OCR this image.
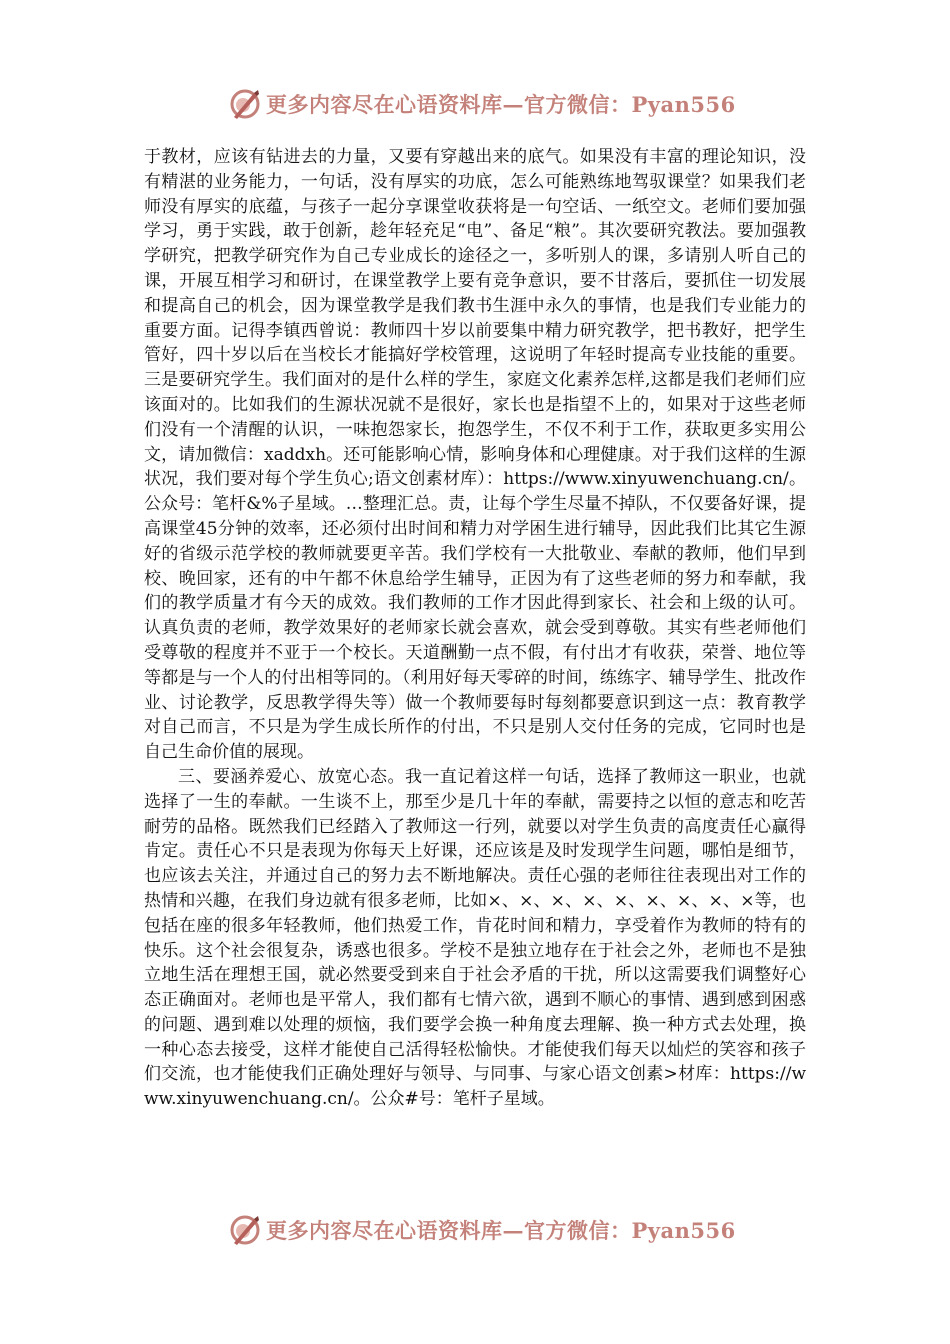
更多内容尽在心语资料库—官方微信：Pyan556

于教材，应该有钻进去的力量，又要有穿越出来的底气。如果没有丰富的理论知识，没有精湛的业务能力，一句话，没有厚实的功底，怎么可能熟练地驾驭课堂？如果我们老师没有厚实的底蕴，与孩子一起分享课堂收获将是一句空话、一纸空文。老师们要加强学习，勇于实践，敢于创新，趁年轻充足“电”、备足“粮”。其次要研究教法。要加强教学研究，把教学研究作为自己专业成长的途径之一，多听别人的课，多请别人听自己的课，开展互相学习和研讨，在课堂教学上要有竞争意识，要不甘落后，要抓住一切发展和提高自己的机会，因为课堂教学是我们教书生涯中永久的事情，也是我们专业能力的重要方面。记得李镇西曾说：教师四十岁以前要集中精力研究教学，把书教好，把学生管好，四十岁以后在当校长才能搞好学校管理，这说明了年轻时提高专业技能的重要。三是要研究学生。我们面对的是什么样的学生，家庭文化素养怎样,这都是我们老师们应该面对的。比如我们的生源状况就不是很好，家长也是指望不上的，如果对于这些老师们没有一个清醒的认识，一味抱怨家长，抱怨学生，不仅不利于工作，获取更多实用公文，请加微信：xaddxh。还可能影响心情，影响身体和心理健康。对于我们这样的生源状况，我们要对每个学生负心;语文创素材库）：https://www.xinyuwenchuang.cn/。公众号：笔杆&%子星域。…整理汇总。责，让每个学生尽量不掉队，不仅要备好课，提高课堂45分钟的效率，还必须付出时间和精力对学困生进行辅导，因此我们比其它生源好的省级示范学校的教师就要更辛苦。我们学校有一大批敬业、奉献的教师，他们早到校、晚回家，还有的中午都不休息给学生辅导，正因为有了这些老师的努力和奉献，我们的教学质量才有今天的成效。我们教师的工作才因此得到家长、社会和上级的认可。认真负责的老师，教学效果好的老师家长就会喜欢，就会受到尊敬。其实有些老师他们受尊敬的程度并不亚于一个校长。天道酬勤一点不假，有付出才有收获，荣誉、地位等等都是与一个人的付出相等同的。（利用好每天零碎的时间，练练字、辅导学生、批改作业、讨论教学，反思教学得失等）做一个教师要每时每刻都要意识到这一点：教育教学对自己而言，不只是为学生成长所作的付出，不只是别人交付任务的完成，它同时也是自己生命价值的展现。

三、要涵养爱心、放宽心态。我一直记着这样一句话，选择了教师这一职业，也就选择了一生的奉献。一生谈不上，那至少是几十年的奉献，需要持之以恒的意志和吃苦耐劳的品格。既然我们已经踏入了教师这一行列，就要以对学生负责的高度责任心赢得肯定。责任心不只是表现为你每天上好课，还应该是及时发现学生问题，哪怕是细节，也应该去关注，并通过自己的努力去不断地解决。责任心强的老师往往表现出对工作的热情和兴趣，在我们身边就有很多老师，比如×、×、×、×、×、×、×、×、×等，也包括在座的很多年轻教师，他们热爱工作，肯花时间和精力，享受着作为教师的特有的快乐。这个社会很复杂，诱惑也很多。学校不是独立地存在于社会之外，老师也不是独立地生活在理想王国，就必然要受到来自于社会矛盾的干扰，所以这需要我们调整好心态正确面对。老师也是平常人，我们都有七情六欲，遇到不顺心的事情、遇到感到困惑的问题、遇到难以处理的烦恼，我们要学会换一种角度去理解、换一种方式去处理，换一种心态去接受，这样才能使自己活得轻松愉快。才能使我们每天以灿烂的笑容和孩子们交流，也才能使我们正确处理好与领导、与同事、与家心语文创素>材库：https://www.xinyuwenchuang.cn/。公众#号：笔杆子星域。

更多内容尽在心语资料库—官方微信：Pyan556
